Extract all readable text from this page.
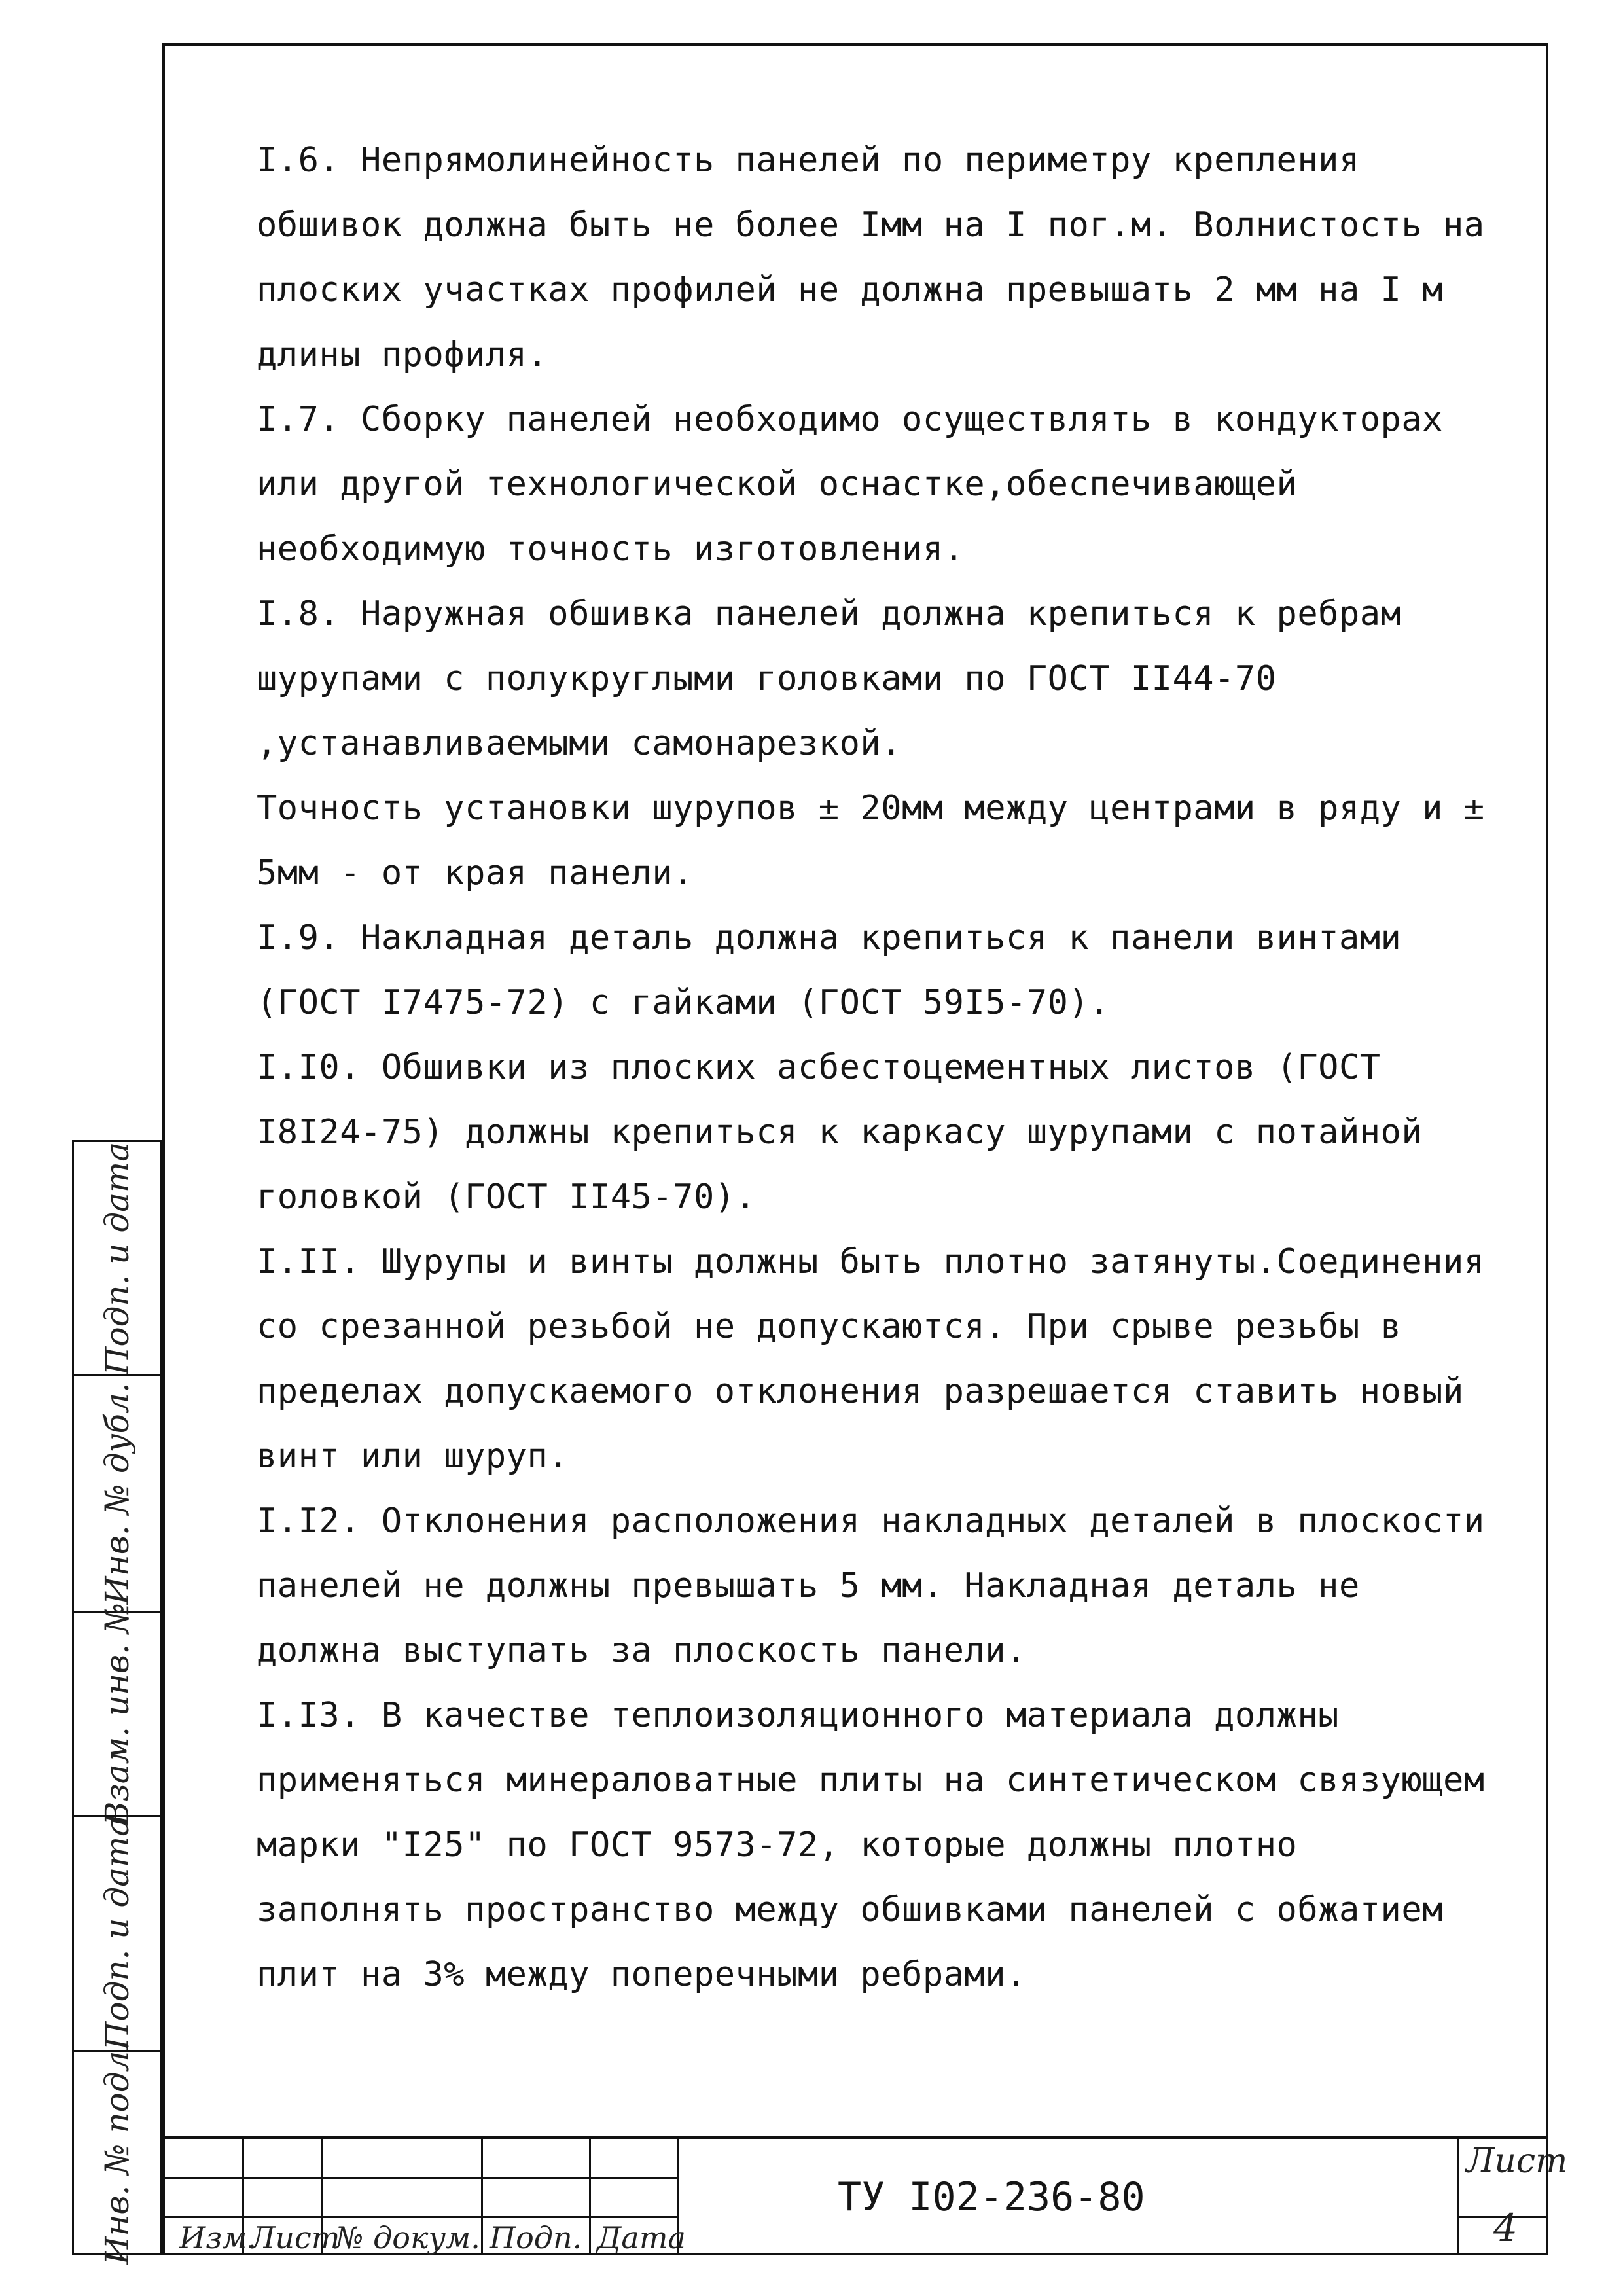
I.6. Непрямолинейность панелей по периметру крепления обшивок должна быть не более Iмм на I пог.м. Волнистость на плоских участках профилей не должна превышать 2 мм на I м длины профиля.

I.7. Сборку панелей необходимо осуществлять в кондукторах или другой технологической оснастке,обеспечивающей необходимую точность изготовления.

I.8. Наружная обшивка панелей должна крепиться к ребрам шурупами с полукруглыми головками по ГОСТ II44-70 ,устанавливаемыми самонарезкой.

Точность установки шурупов ± 20мм между центрами в ряду и ± 5мм - от края панели.

I.9. Накладная деталь должна крепиться к панели винтами (ГОСТ I7475-72) с гайками (ГОСТ 59I5-70).

I.I0. Обшивки из плоских асбестоцементных листов (ГОСТ I8I24-75) должны крепиться к каркасу шурупами с потайной головкой (ГОСТ II45-70).

I.II. Шурупы и винты должны быть плотно затянуты.Соединения со срезанной резьбой не допускаются. При срыве резьбы в пределах допускаемого отклонения разрешается ставить новый винт или шуруп.

I.I2. Отклонения расположения накладных деталей в плоскости панелей не должны превышать 5 мм. Накладная деталь не должна выступать за плоскость панели.

I.I3. В качестве теплоизоляционного материала должны применяться минераловатные плиты на синтетическом связующем марки "I25" по ГОСТ 9573-72, которые должны плотно заполнять пространство между обшивками панелей с обжатием плит на 3% между поперечными ребрами.

Подп. и дата
Инв. № дубл.
Взам. инв. №
Подп. и дата
Инв. № подл. Изм.
Лист
№ докум. Подп. Дата
ТУ I02-236-80
Лист
4
